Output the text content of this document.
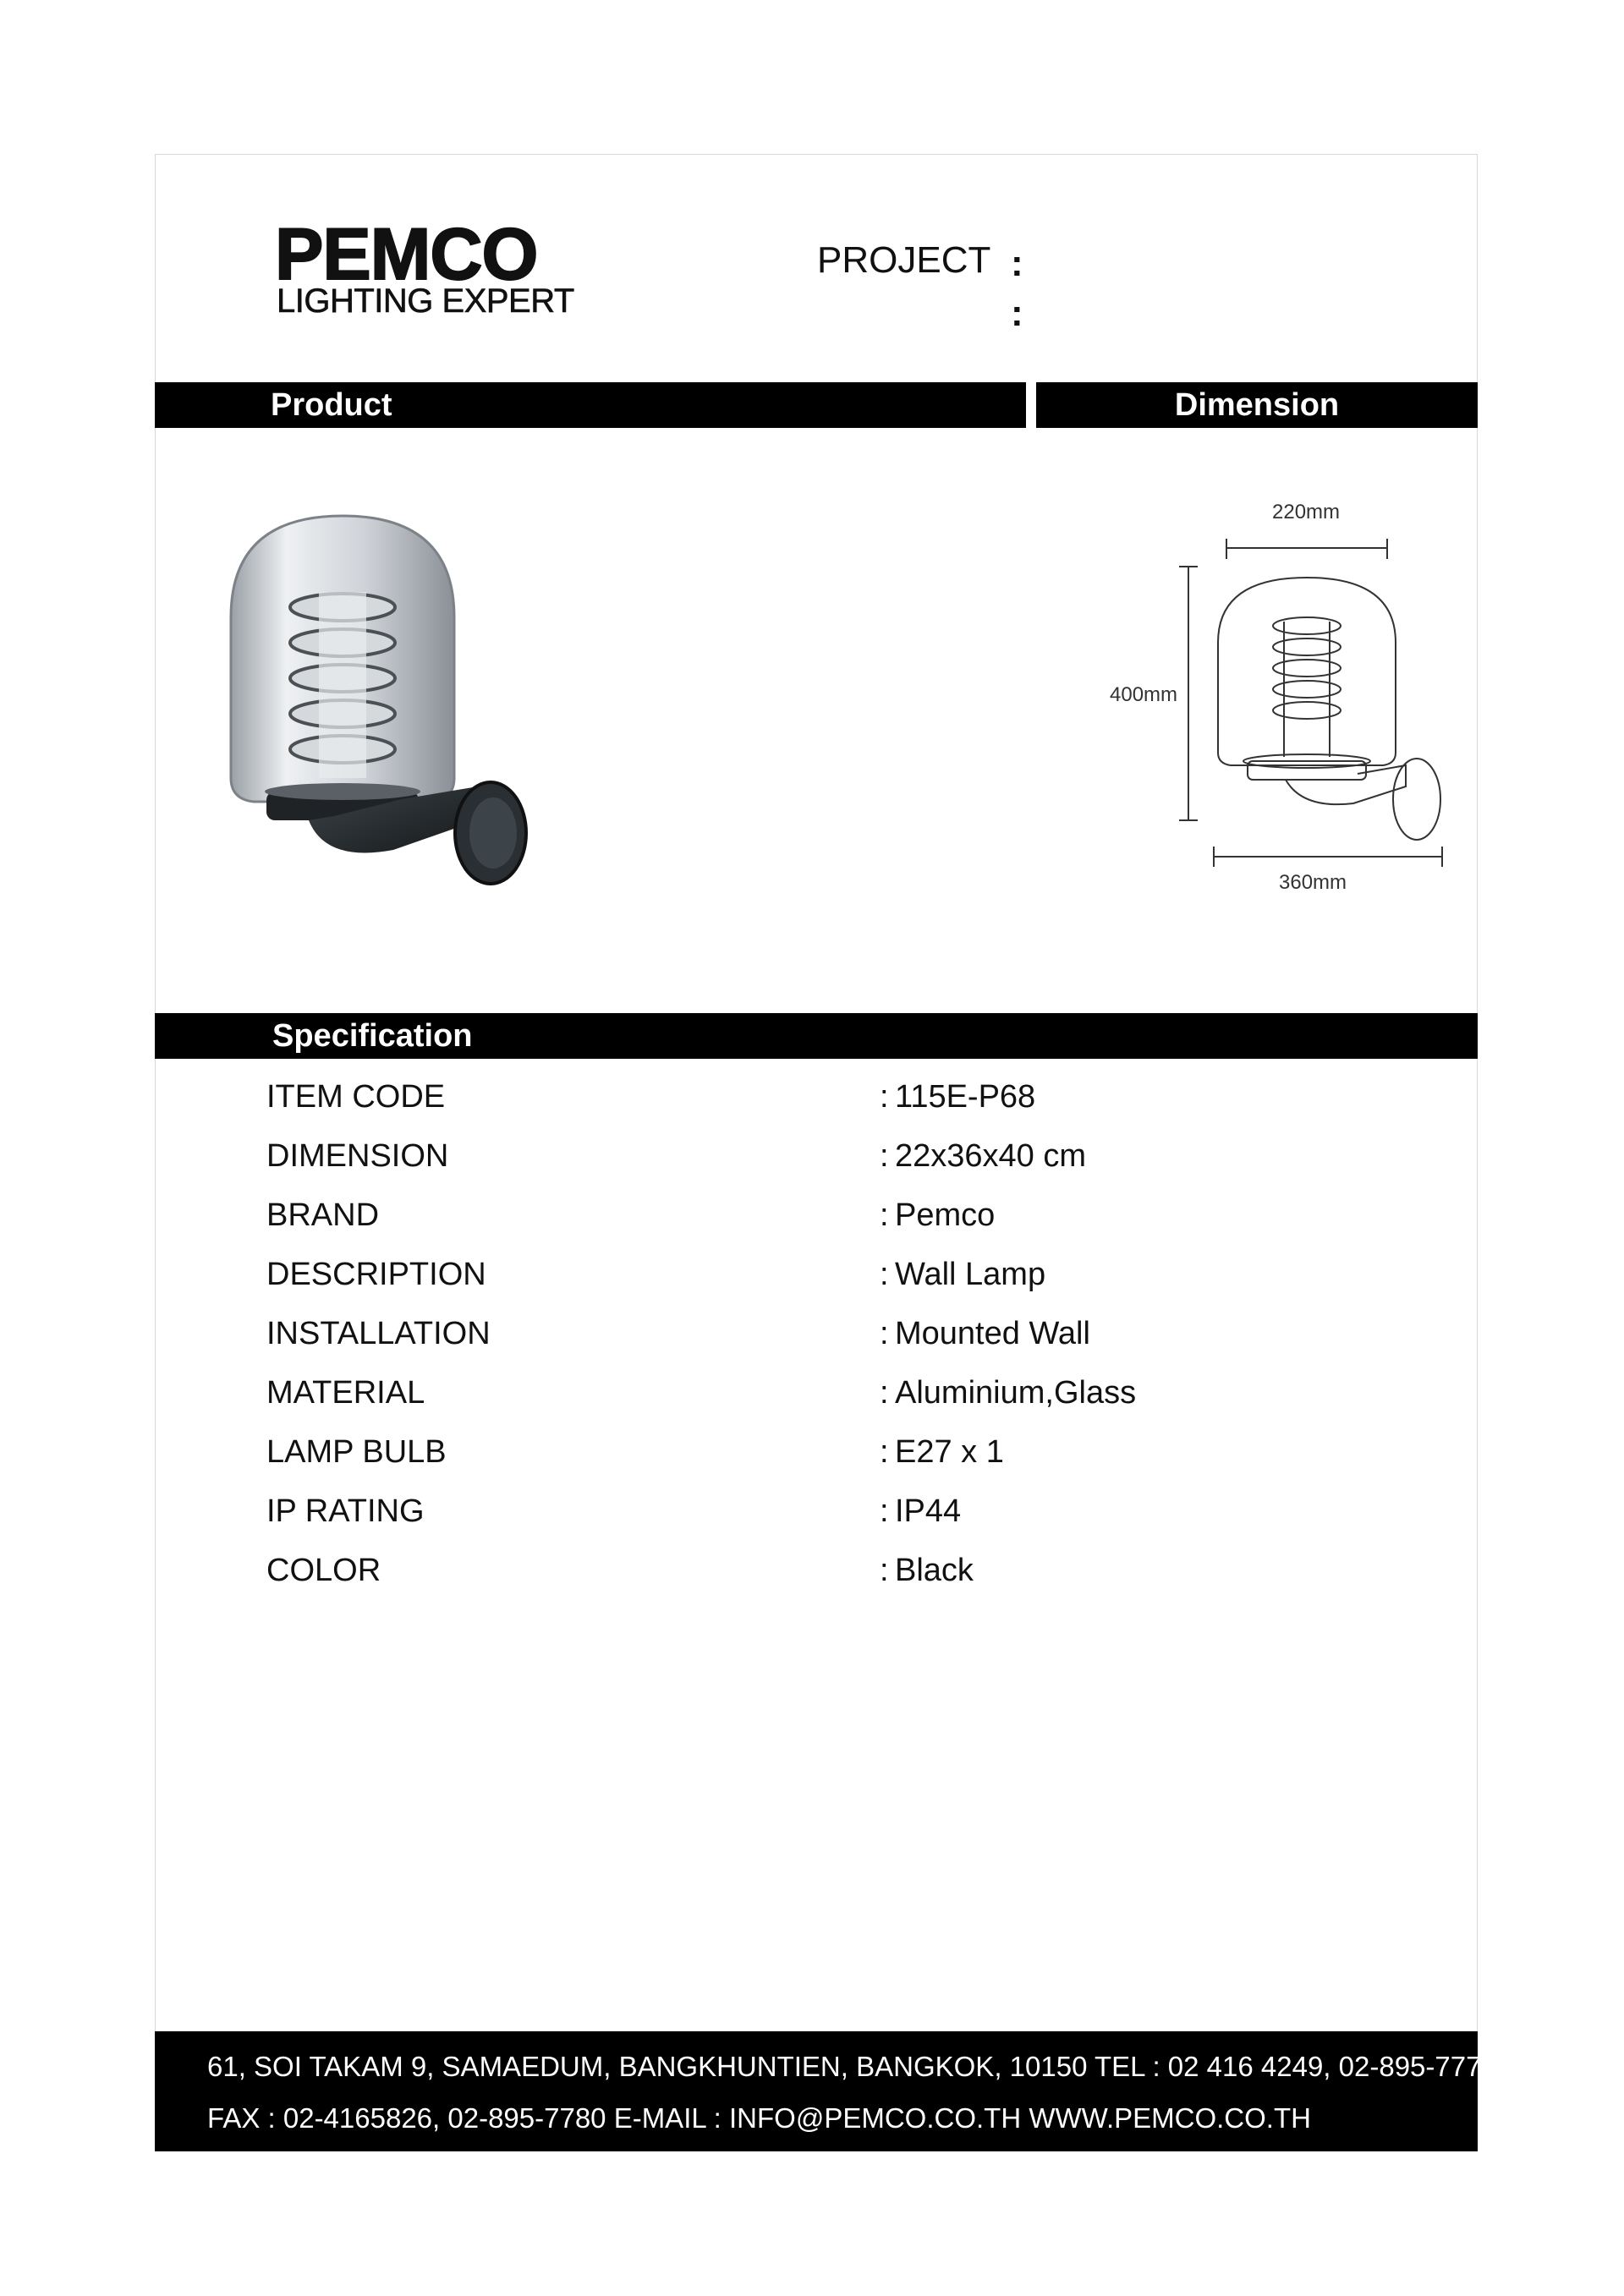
PEMCO
LIGHTING EXPERT
PROJECT :
:
Product	Dimension
220mm
400mm
360mm
Specification
ITEM CODE	: 115E-P68
DIMENSION	: 22x36x40 cm
BRAND	: Pemco
DESCRIPTION	: Wall Lamp
INSTALLATION	: Mounted Wall
MATERIAL	: Aluminium,Glass
LAMP BULB	: E27 x 1
IP RATING	: IP44
COLOR	: Black
61, SOI TAKAM 9, SAMAEDUM, BANGKHUNTIEN, BANGKOK, 10150 TEL : 02 416 4249, 02-895-7778
FAX : 02-4165826, 02-895-7780 E-MAIL : INFO@PEMCO.CO.TH WWW.PEMCO.CO.TH
